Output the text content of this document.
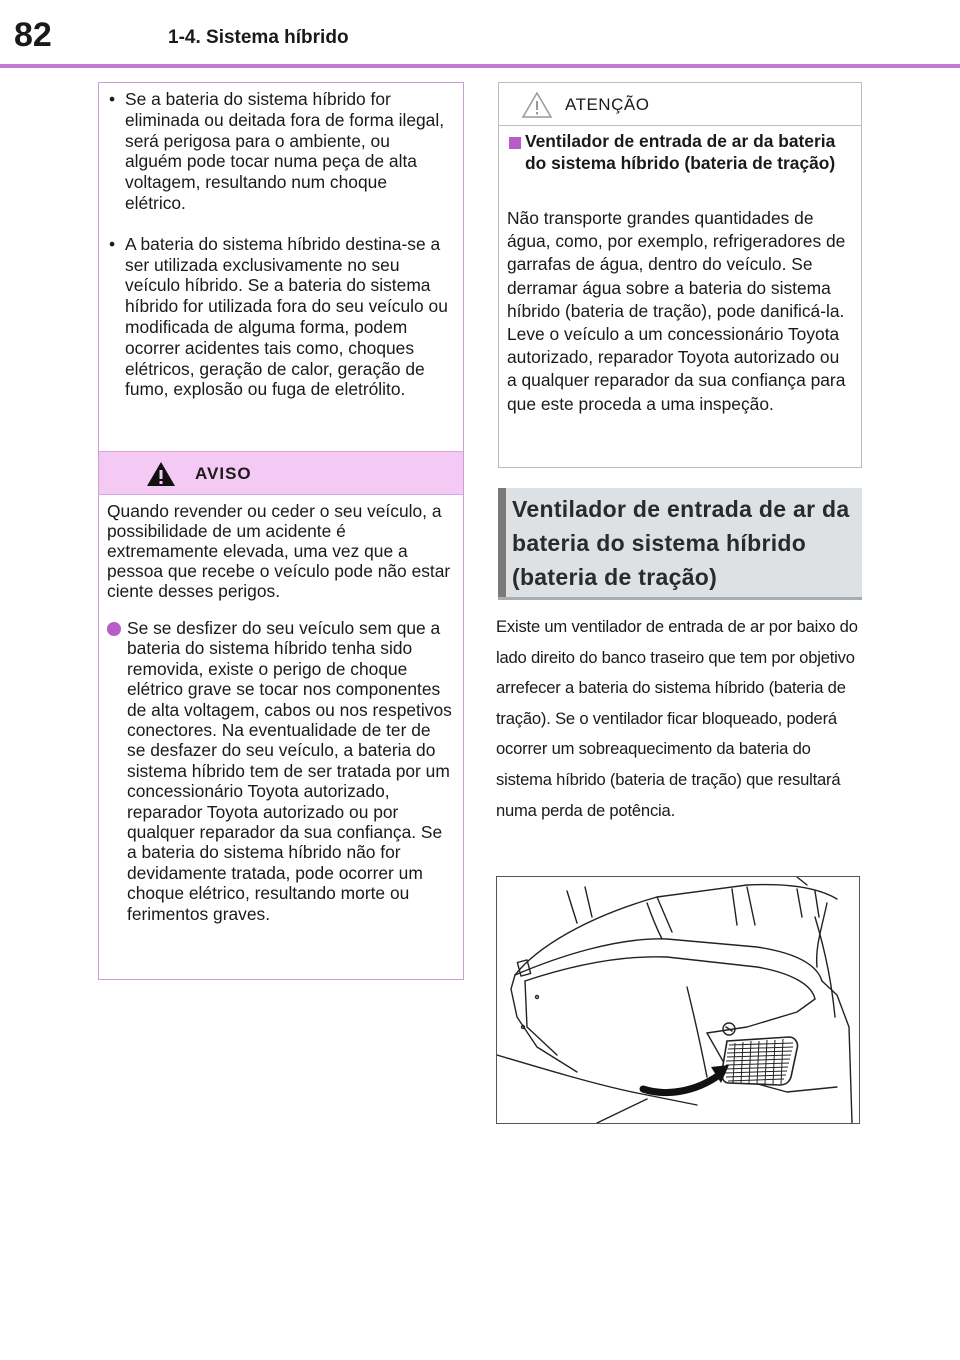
82	1-4. Sistema híbrido
• Se a bateria do sistema híbrido for eliminada ou deitada fora de forma ilegal, será perigosa para o ambiente, ou alguém pode tocar numa peça de alta voltagem, resultando num choque elétrico.
• A bateria do sistema híbrido destina-se a ser utilizada exclusivamente no seu veículo híbrido. Se a bateria do sistema híbrido for utilizada fora do seu veículo ou modificada de alguma forma, podem ocorrer acidentes tais como, choques elétricos, geração de calor, geração de fumo, explosão ou fuga de eletrólito.
AVISO
Quando revender ou ceder o seu veículo, a possibilidade de um acidente é extremamente elevada, uma vez que a pessoa que recebe o veículo pode não estar ciente desses perigos.
Se se desfizer do seu veículo sem que a bateria do sistema híbrido tenha sido removida, existe o perigo de choque elétrico grave se tocar nos componentes de alta voltagem, cabos ou nos respetivos conectores. Na eventualidade de ter de se desfazer do seu veículo, a bateria do sistema híbrido tem de ser tratada por um concessionário Toyota autorizado, reparador Toyota autorizado ou por qualquer reparador da sua confiança. Se a bateria do sistema híbrido não for devidamente tratada, pode ocorrer um choque elétrico, resultando morte ou ferimentos graves.
ATENÇÃO
Ventilador de entrada de ar da bateria do sistema híbrido (bateria de tração)
Não transporte grandes quantidades de água, como, por exemplo, refrigeradores de garrafas de água, dentro do veículo. Se derramar água sobre a bateria do sistema híbrido (bateria de tração), pode danificá-la. Leve o veículo a um concessionário Toyota autorizado, reparador Toyota autorizado ou a qualquer reparador da sua confiança para que este proceda a uma inspeção.
Ventilador de entrada de ar da bateria do sistema híbrido (bateria de tração)
Existe um ventilador de entrada de ar por baixo do lado direito do banco traseiro que tem por objetivo arrefecer a bateria do sistema híbrido (bateria de tração). Se o ventilador ficar bloqueado, poderá ocorrer um sobreaquecimento da bateria do sistema híbrido (bateria de tração) que resultará numa perda de potência.
